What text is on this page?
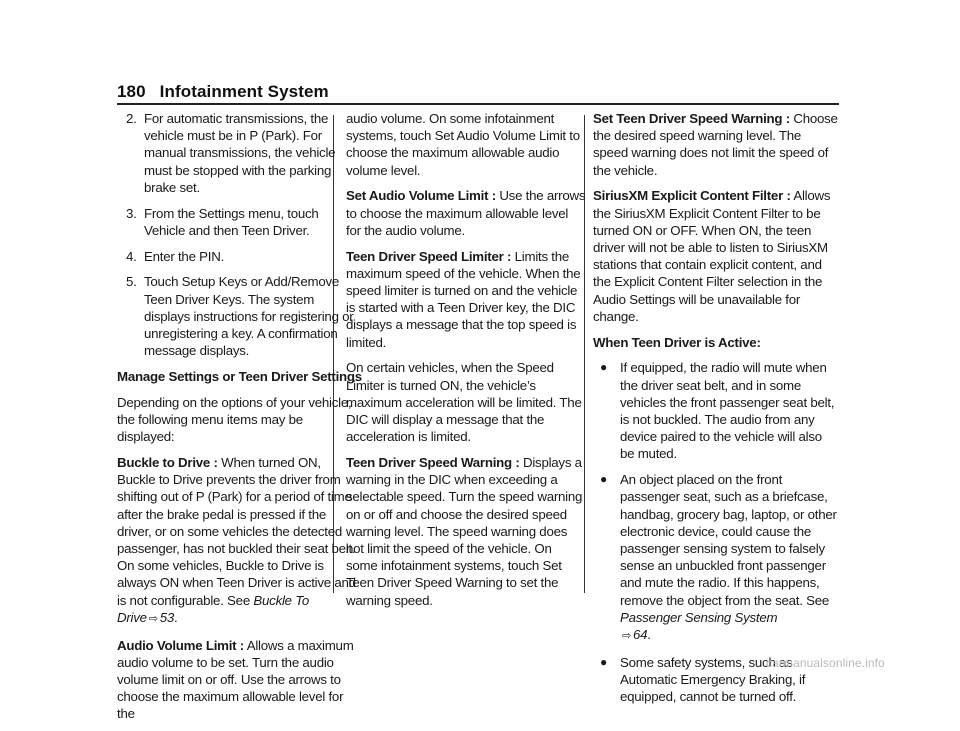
180 Infotainment System
2. For automatic transmissions, the vehicle must be in P (Park). For manual transmissions, the vehicle must be stopped with the parking brake set.
3. From the Settings menu, touch Vehicle and then Teen Driver.
4. Enter the PIN.
5. Touch Setup Keys or Add/Remove Teen Driver Keys. The system displays instructions for registering or unregistering a key. A confirmation message displays.

Manage Settings or Teen Driver Settings

Depending on the options of your vehicle, the following menu items may be displayed:

Buckle to Drive : When turned ON, Buckle to Drive prevents the driver from shifting out of P (Park) for a period of time after the brake pedal is pressed if the driver, or on some vehicles the detected passenger, has not buckled their seat belt. On some vehicles, Buckle to Drive is always ON when Teen Driver is active and is not configurable. See Buckle To Drive ⇨ 53.

Audio Volume Limit : Allows a maximum audio volume to be set. Turn the audio volume limit on or off. Use the arrows to choose the maximum allowable level for the

audio volume. On some infotainment systems, touch Set Audio Volume Limit to choose the maximum allowable audio volume level.

Set Audio Volume Limit : Use the arrows to choose the maximum allowable level for the audio volume.

Teen Driver Speed Limiter : Limits the maximum speed of the vehicle. When the speed limiter is turned on and the vehicle is started with a Teen Driver key, the DIC displays a message that the top speed is limited.

On certain vehicles, when the Speed Limiter is turned ON, the vehicle’s maximum acceleration will be limited. The DIC will display a message that the acceleration is limited.

Teen Driver Speed Warning : Displays a warning in the DIC when exceeding a selectable speed. Turn the speed warning on or off and choose the desired speed warning level. The speed warning does not limit the speed of the vehicle. On some infotainment systems, touch Set Teen Driver Speed Warning to set the warning speed.

Set Teen Driver Speed Warning : Choose the desired speed warning level. The speed warning does not limit the speed of the vehicle.

SiriusXM Explicit Content Filter : Allows the SiriusXM Explicit Content Filter to be turned ON or OFF. When ON, the teen driver will not be able to listen to SiriusXM stations that contain explicit content, and the Explicit Content Filter selection in the Audio Settings will be unavailable for change.

When Teen Driver is Active:

● If equipped, the radio will mute when the driver seat belt, and in some vehicles the front passenger seat belt, is not buckled. The audio from any device paired to the vehicle will also be muted.
● An object placed on the front passenger seat, such as a briefcase, handbag, grocery bag, laptop, or other electronic device, could cause the passenger sensing system to falsely sense an unbuckled front passenger and mute the radio. If this happens, remove the object from the seat. See Passenger Sensing System
⇨ 64.
● Some safety systems, such as Automatic Emergency Braking, if equipped, cannot be turned off.
carmanualsonline.info
